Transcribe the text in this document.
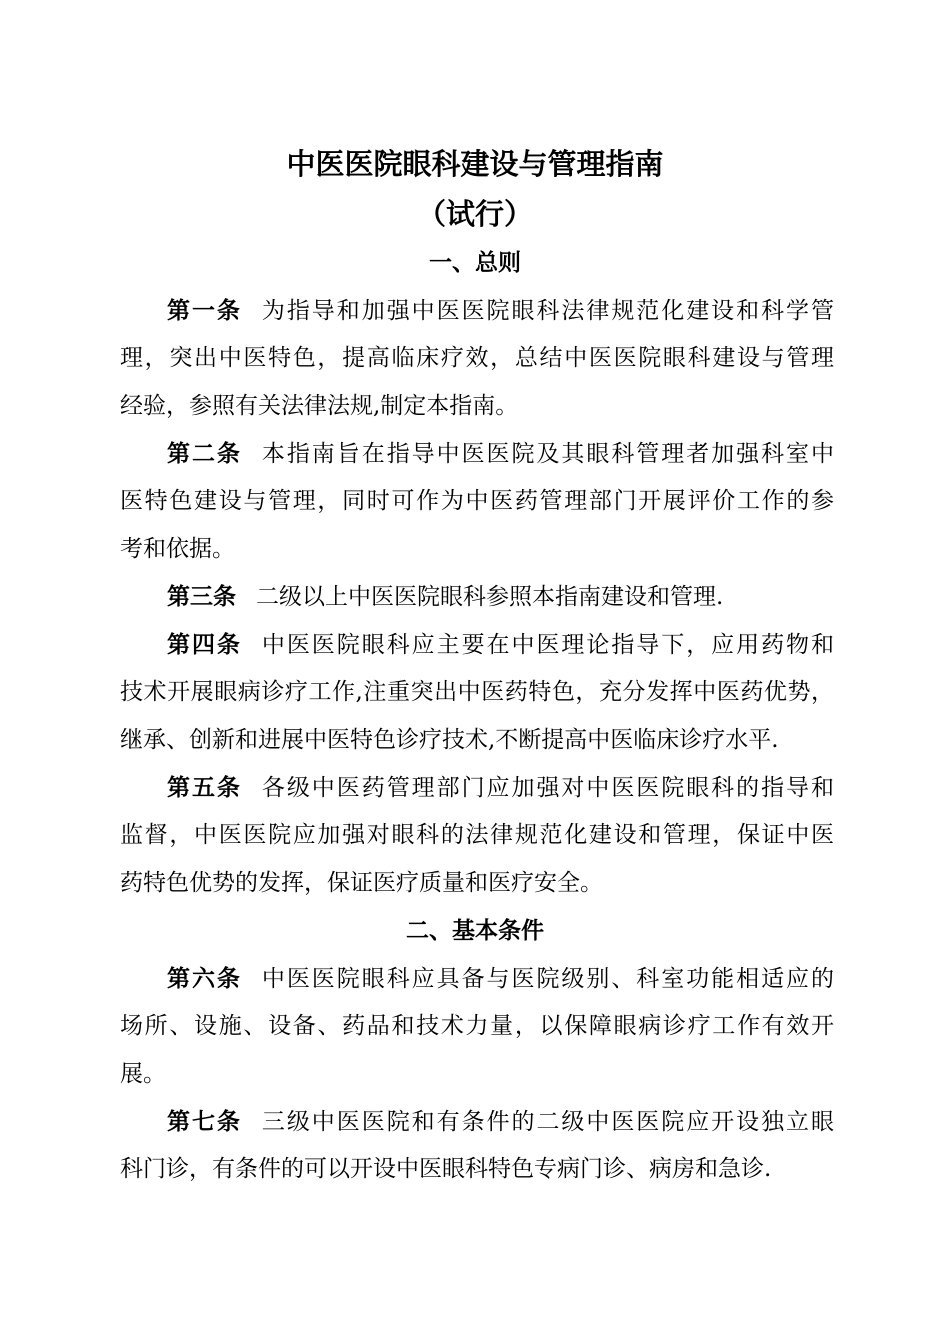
中医医院眼科建设与管理指南
（试行）
一、总则
第一条 为指导和加强中医医院眼科法律规范化建设和科学管
理，突出中医特色，提高临床疗效，总结中医医院眼科建设与管理
经验，参照有关法律法规,制定本指南。
第二条 本指南旨在指导中医医院及其眼科管理者加强科室中
医特色建设与管理，同时可作为中医药管理部门开展评价工作的参
考和依据。
第三条 二级以上中医医院眼科参照本指南建设和管理.
第四条 中医医院眼科应主要在中医理论指导下，应用药物和
技术开展眼病诊疗工作,注重突出中医药特色，充分发挥中医药优势，
继承、创新和进展中医特色诊疗技术,不断提高中医临床诊疗水平.
第五条 各级中医药管理部门应加强对中医医院眼科的指导和
监督，中医医院应加强对眼科的法律规范化建设和管理，保证中医
药特色优势的发挥，保证医疗质量和医疗安全。
二、基本条件
第六条 中医医院眼科应具备与医院级别、科室功能相适应的
场所、设施、设备、药品和技术力量，以保障眼病诊疗工作有效开
展。
第七条 三级中医医院和有条件的二级中医医院应开设独立眼
科门诊，有条件的可以开设中医眼科特色专病门诊、病房和急诊.
